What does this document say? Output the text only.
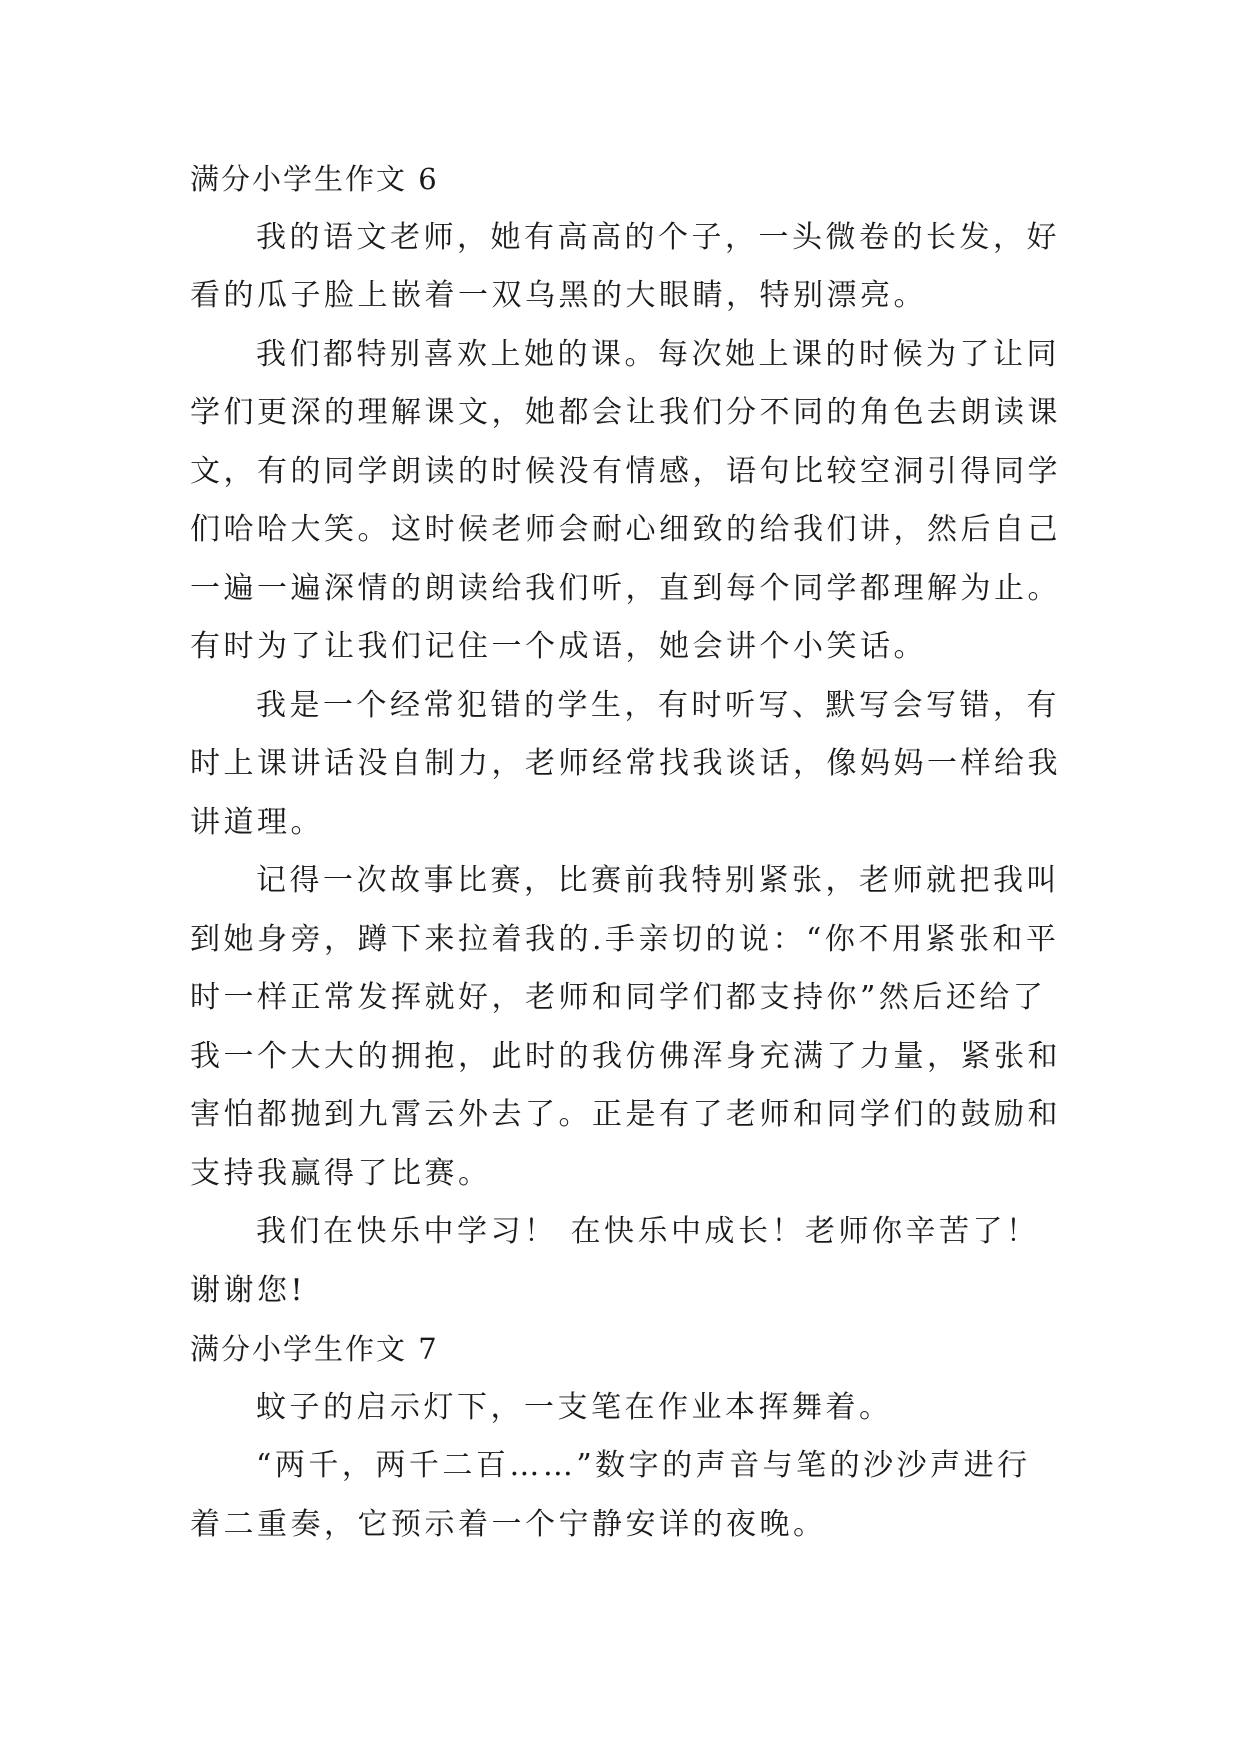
满分小学生作文 6
我的语文老师，她有高高的个子，一头微卷的长发，好
看的瓜子脸上嵌着一双乌黑的大眼睛，特别漂亮。
我们都特别喜欢上她的课。每次她上课的时候为了让同
学们更深的理解课文，她都会让我们分不同的角色去朗读课
文，有的同学朗读的时候没有情感，语句比较空洞引得同学
们哈哈大笑。这时候老师会耐心细致的给我们讲，然后自己
一遍一遍深情的朗读给我们听，直到每个同学都理解为止。
有时为了让我们记住一个成语，她会讲个小笑话。
我是一个经常犯错的学生，有时听写、默写会写错，有
时上课讲话没自制力，老师经常找我谈话，像妈妈一样给我
讲道理。
记得一次故事比赛，比赛前我特别紧张，老师就把我叫
到她身旁，蹲下来拉着我的.手亲切的说：“你不用紧张和平
时一样正常发挥就好，老师和同学们都支持你”然后还给了
我一个大大的拥抱，此时的我仿佛浑身充满了力量，紧张和
害怕都抛到九霄云外去了。正是有了老师和同学们的鼓励和
支持我赢得了比赛。
我们在快乐中学习！ 在快乐中成长！老师你辛苦了！
谢谢您!
满分小学生作文 7
蚊子的启示灯下，一支笔在作业本挥舞着。
“两千，两千二百……”数字的声音与笔的沙沙声进行
着二重奏，它预示着一个宁静安详的夜晚。
